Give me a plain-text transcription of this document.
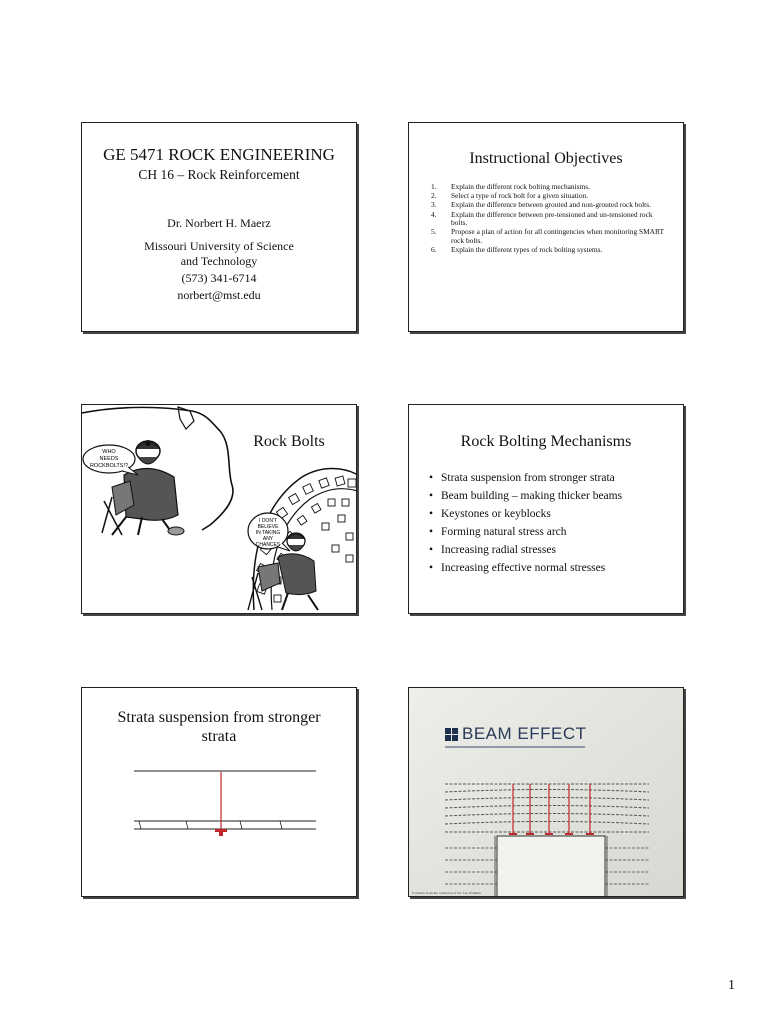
GE 5471 ROCK ENGINEERING
CH 16 – Rock Reinforcement
Dr. Norbert H. Maerz
Missouri University of Science
and Technology
(573) 341-6714
norbert@mst.edu
Instructional Objectives
1.	Explain the different rock bolting mechanisms.
2.	Select a type of rock bolt for a given situation.
3.	Explain the difference between grouted and non-grouted rock bolts.
4.	Explain the difference between pre-tensioned and un-tensioned rock bolts.
5.	Propose a plan of action for all contingencies when monitoring SMART rock bolts.
6.	Explain the different types of rock bolting systems.
Rock Bolts
WHO
NEEDS
ROCKBOLTS!?
I DON'T
BELIEVE
IN TAKING
ANY
CHANCES
Rock Bolting Mechanisms
• Strata suspension from stronger strata
• Beam building – making thicker beams
• Keystones or keyblocks
• Forming natural stress arch
• Increasing radial stresses
• Increasing effective normal stresses
Strata suspension from stronger
strata	BEAM EFFECT
Formerly from the collection of Dr. J.A. Franklin
1
